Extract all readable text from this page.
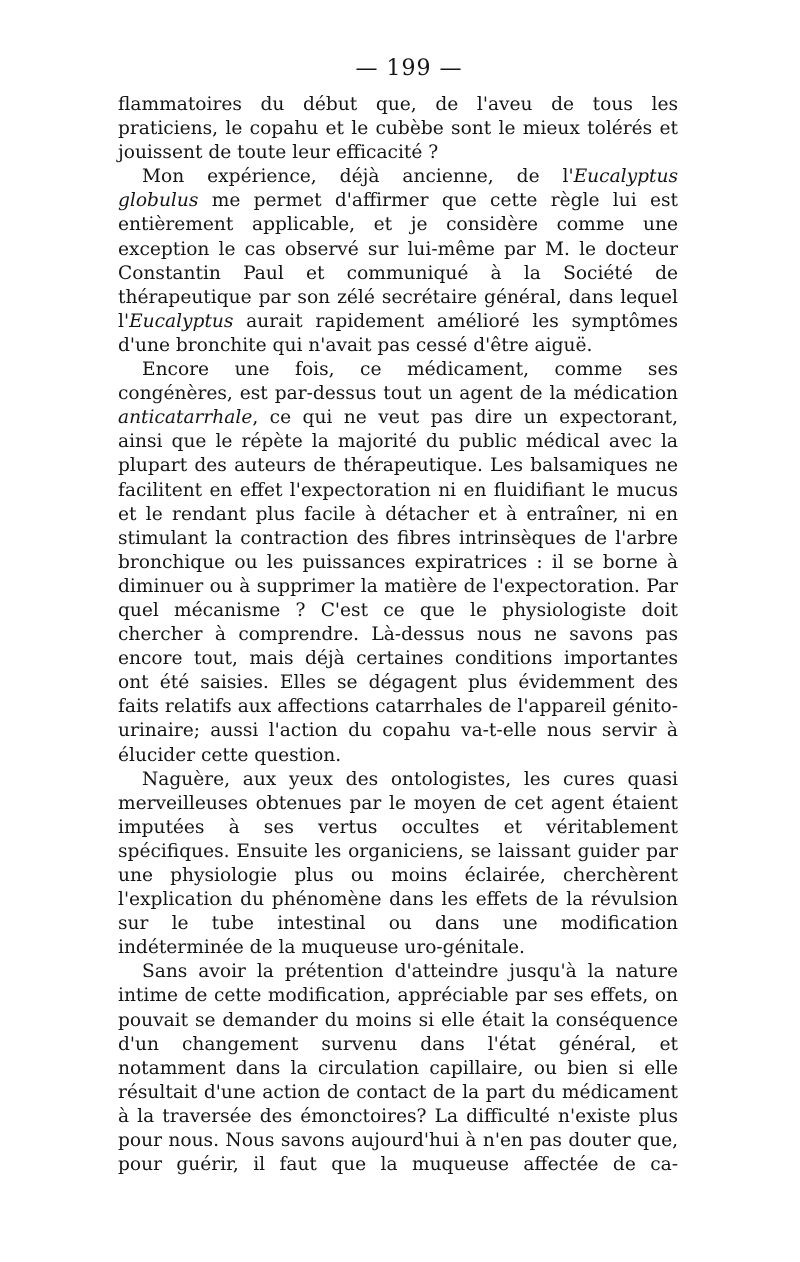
— 199 —

flammatoires du début que, de l'aveu de tous les praticiens, le copahu et le cubèbe sont le mieux tolérés et jouissent de toute leur efficacité ?

Mon expérience, déjà ancienne, de l'Eucalyptus globulus me permet d'affirmer que cette règle lui est entièrement applicable, et je considère comme une exception le cas observé sur lui-même par M. le docteur Constantin Paul et communiqué à la Société de thérapeutique par son zélé secrétaire général, dans lequel l'Eucalyptus aurait rapidement amélioré les symptômes d'une bronchite qui n'avait pas cessé d'être aiguë.

Encore une fois, ce médicament, comme ses congénères, est par-dessus tout un agent de la médication anticatarrhale, ce qui ne veut pas dire un expectorant, ainsi que le répète la majorité du public médical avec la plupart des auteurs de thérapeutique. Les balsamiques ne facilitent en effet l'expectoration ni en fluidifiant le mucus et le rendant plus facile à détacher et à entraîner, ni en stimulant la contraction des fibres intrinsèques de l'arbre bronchique ou les puissances expiratrices : il se borne à diminuer ou à supprimer la matière de l'expectoration. Par quel mécanisme ? C'est ce que le physiologiste doit chercher à comprendre. Là-dessus nous ne savons pas encore tout, mais déjà certaines conditions importantes ont été saisies. Elles se dégagent plus évidemment des faits relatifs aux affections catarrhales de l'appareil génito-urinaire; aussi l'action du copahu va-t-elle nous servir à élucider cette question.

Naguère, aux yeux des ontologistes, les cures quasi merveilleuses obtenues par le moyen de cet agent étaient imputées à ses vertus occultes et véritablement spécifiques. Ensuite les organiciens, se laissant guider par une physiologie plus ou moins éclairée, cherchèrent l'explication du phénomène dans les effets de la révulsion sur le tube intestinal ou dans une modification indéterminée de la muqueuse uro-génitale.

Sans avoir la prétention d'atteindre jusqu'à la nature intime de cette modification, appréciable par ses effets, on pouvait se demander du moins si elle était la conséquence d'un changement survenu dans l'état général, et notamment dans la circulation capillaire, ou bien si elle résultait d'une action de contact de la part du médicament à la traversée des émonctoires? La difficulté n'existe plus pour nous. Nous savons aujourd'hui à n'en pas douter que, pour guérir, il faut que la muqueuse affectée de ca-
